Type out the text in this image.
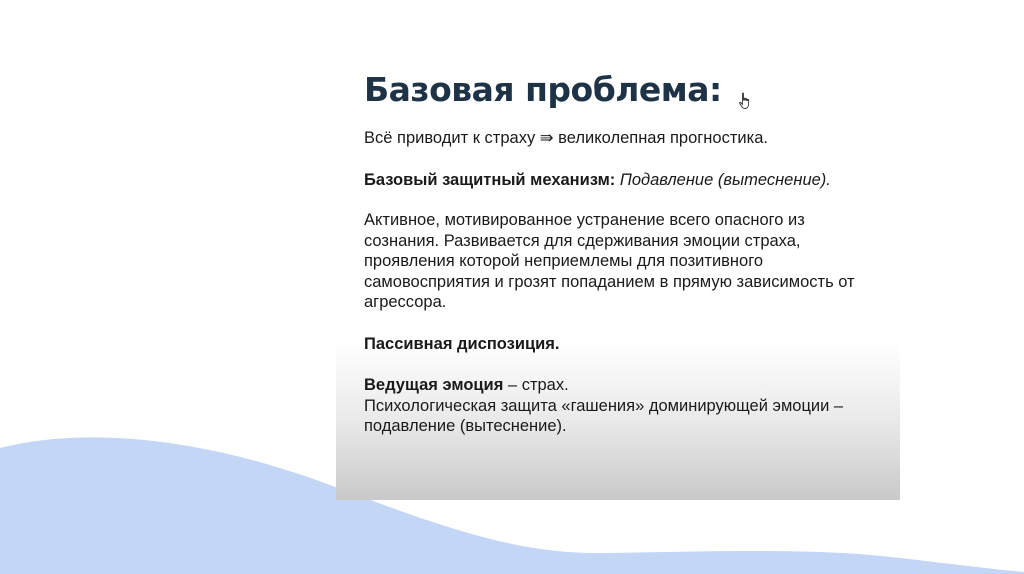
Базовая проблема:

Всё приводит к страху ⇛ великолепная прогностика.

Базовый защитный механизм: Подавление (вытеснение).

Активное, мотивированное устранение всего опасного из сознания. Развивается для сдерживания эмоции страха, проявления которой неприемлемы для позитивного самовосприятия и грозят попаданием в прямую зависимость от агрессора.

Пассивная диспозиция.

Ведущая эмоция – страх.

Психологическая защита «гашения» доминирующей эмоции – подавление (вытеснение).
